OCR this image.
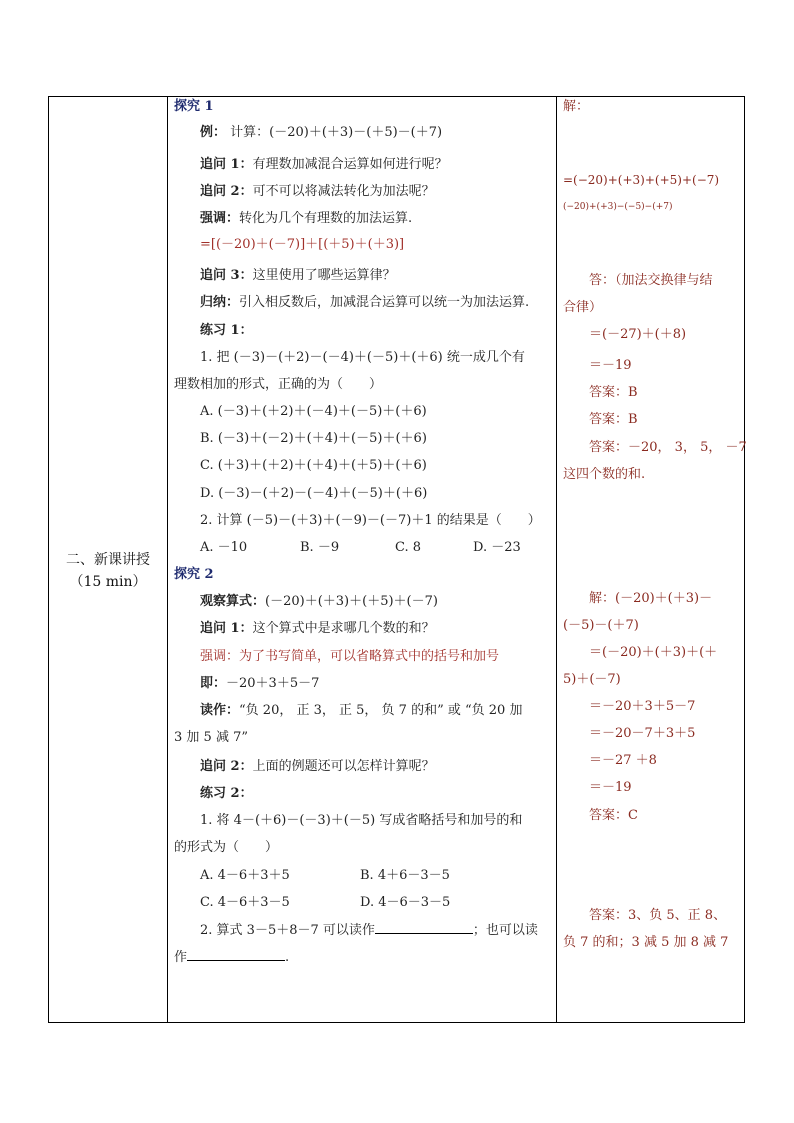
二、新课讲授
（15 min）
探究 1
例： 计算：(－20)＋(＋3)－(＋5)－(＋7)
追问 1：有理数加减混合运算如何进行呢？
追问 2：可不可以将减法转化为加法呢？
强调：转化为几个有理数的加法运算.
=[(－20)＋(－7)]＋[(＋5)＋(＋3)]
追问 3：这里使用了哪些运算律？
归纳：引入相反数后，加减混合运算可以统一为加法运算.
练习 1：
1. 把 (－3)－(＋2)－(－4)＋(－5)＋(＋6) 统一成几个有
理数相加的形式，正确的为（　　）
A. (－3)＋(＋2)＋(－4)＋(－5)＋(＋6)
B. (－3)＋(－2)＋(＋4)＋(－5)＋(＋6)
C. (＋3)＋(＋2)＋(＋4)＋(＋5)＋(＋6)
D. (－3)－(＋2)－(－4)＋(－5)＋(＋6)
2. 计算 (－5)－(＋3)＋(－9)－(－7)＋1 的结果是（　　）
A. －10	B. －9	C. 8	D. －23
探究 2
观察算式：(－20)＋(＋3)＋(＋5)＋(－7)
追问 1：这个算式中是求哪几个数的和？
强调：为了书写简单，可以省略算式中的括号和加号
即：－20＋3＋5－7
读作：“负 20， 正 3， 正 5， 负 7 的和” 或 “负 20 加
3 加 5 减 7”
追问 2：上面的例题还可以怎样计算呢？
练习 2：
1. 将 4－(＋6)－(－3)＋(－5) 写成省略括号和加号的和
的形式为（　　）
A. 4－6＋3＋5	B. 4＋6－3－5
C. 4－6＋3－5	D. 4－6－3－5
2. 算式 3－5＋8－7 可以读作	；也可以读
作	.
解：
=(−20)+(+3)+(+5)+(−7)
(−20)+(+3)−(−5)−(+7)
答：（加法交换律与结
合律）
＝(－27)＋(＋8)
＝－19
答案：B
答案：B
答案：－20， 3， 5， －7
这四个数的和.
解：(－20)＋(＋3)－
(－5)－(＋7)
＝(－20)＋(＋3)＋(＋
5)＋(－7)
＝－20＋3＋5－7
＝－20－7＋3＋5
＝－27 ＋8
＝－19
答案：C
答案：3、负 5、正 8、
负 7 的和；3 减 5 加 8 减 7
